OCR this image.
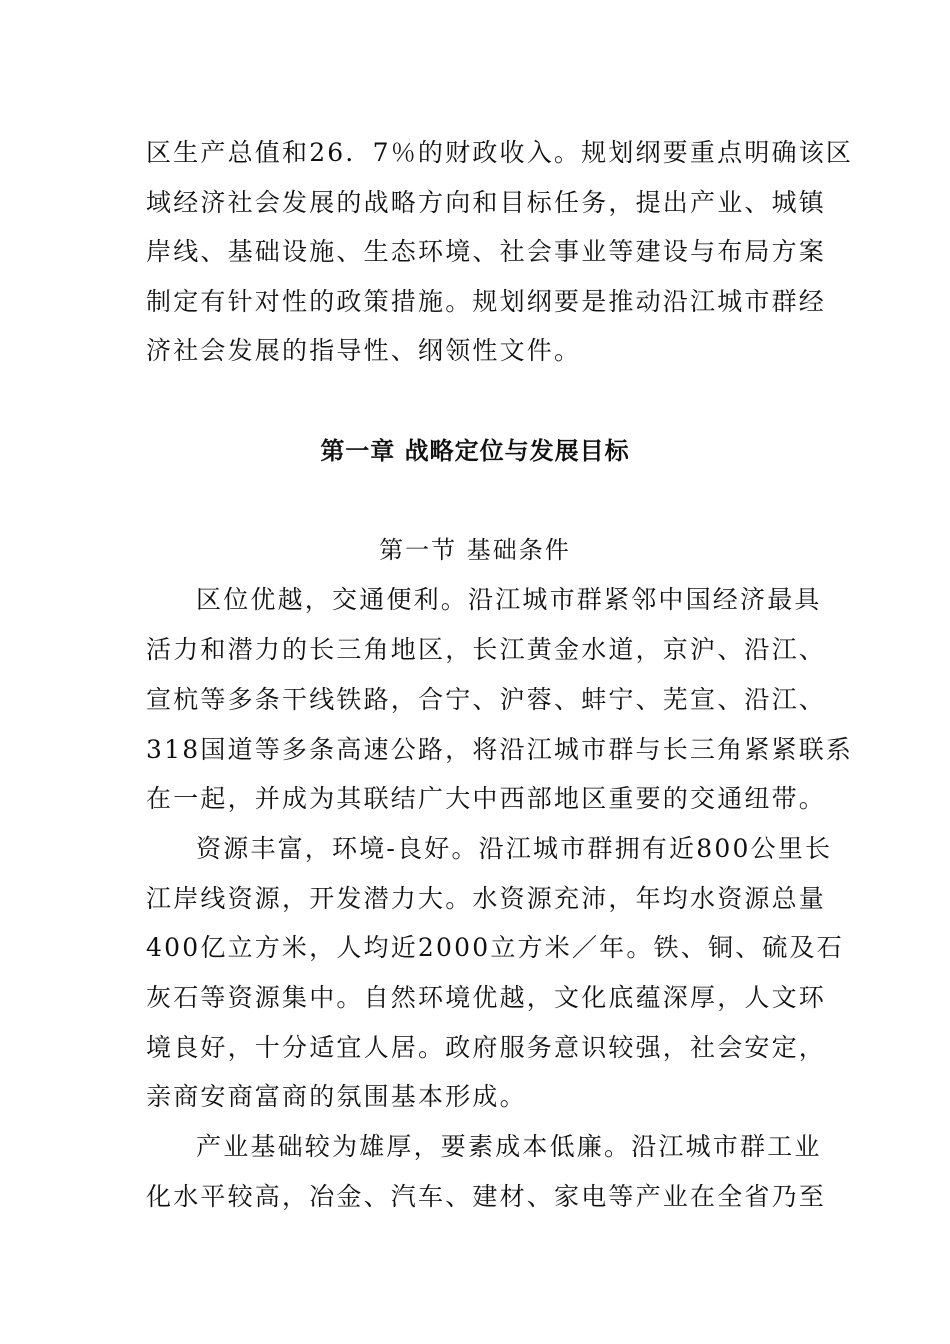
区生产总值和26．7％的财政收入。规划纲要重点明确该区
域经济社会发展的战略方向和目标任务，提出产业、城镇
岸线、基础设施、生态环境、社会事业等建设与布局方案
制定有针对性的政策措施。规划纲要是推动沿江城市群经
济社会发展的指导性、纲领性文件。
第一章 战略定位与发展目标
第一节 基础条件
区位优越，交通便利。沿江城市群紧邻中国经济最具
活力和潜力的长三角地区，长江黄金水道，京沪、沿江、
宣杭等多条干线铁路，合宁、沪蓉、蚌宁、芜宣、沿江、
318国道等多条高速公路，将沿江城市群与长三角紧紧联系
在一起，并成为其联结广大中西部地区重要的交通纽带。
资源丰富，环境-良好。沿江城市群拥有近800公里长
江岸线资源，开发潜力大。水资源充沛，年均水资源总量
400亿立方米，人均近2000立方米／年。铁、铜、硫及石
灰石等资源集中。自然环境优越，文化底蕴深厚，人文环
境良好，十分适宜人居。政府服务意识较强，社会安定，
亲商安商富商的氛围基本形成。
产业基础较为雄厚，要素成本低廉。沿江城市群工业
化水平较高，冶金、汽车、建材、家电等产业在全省乃至
